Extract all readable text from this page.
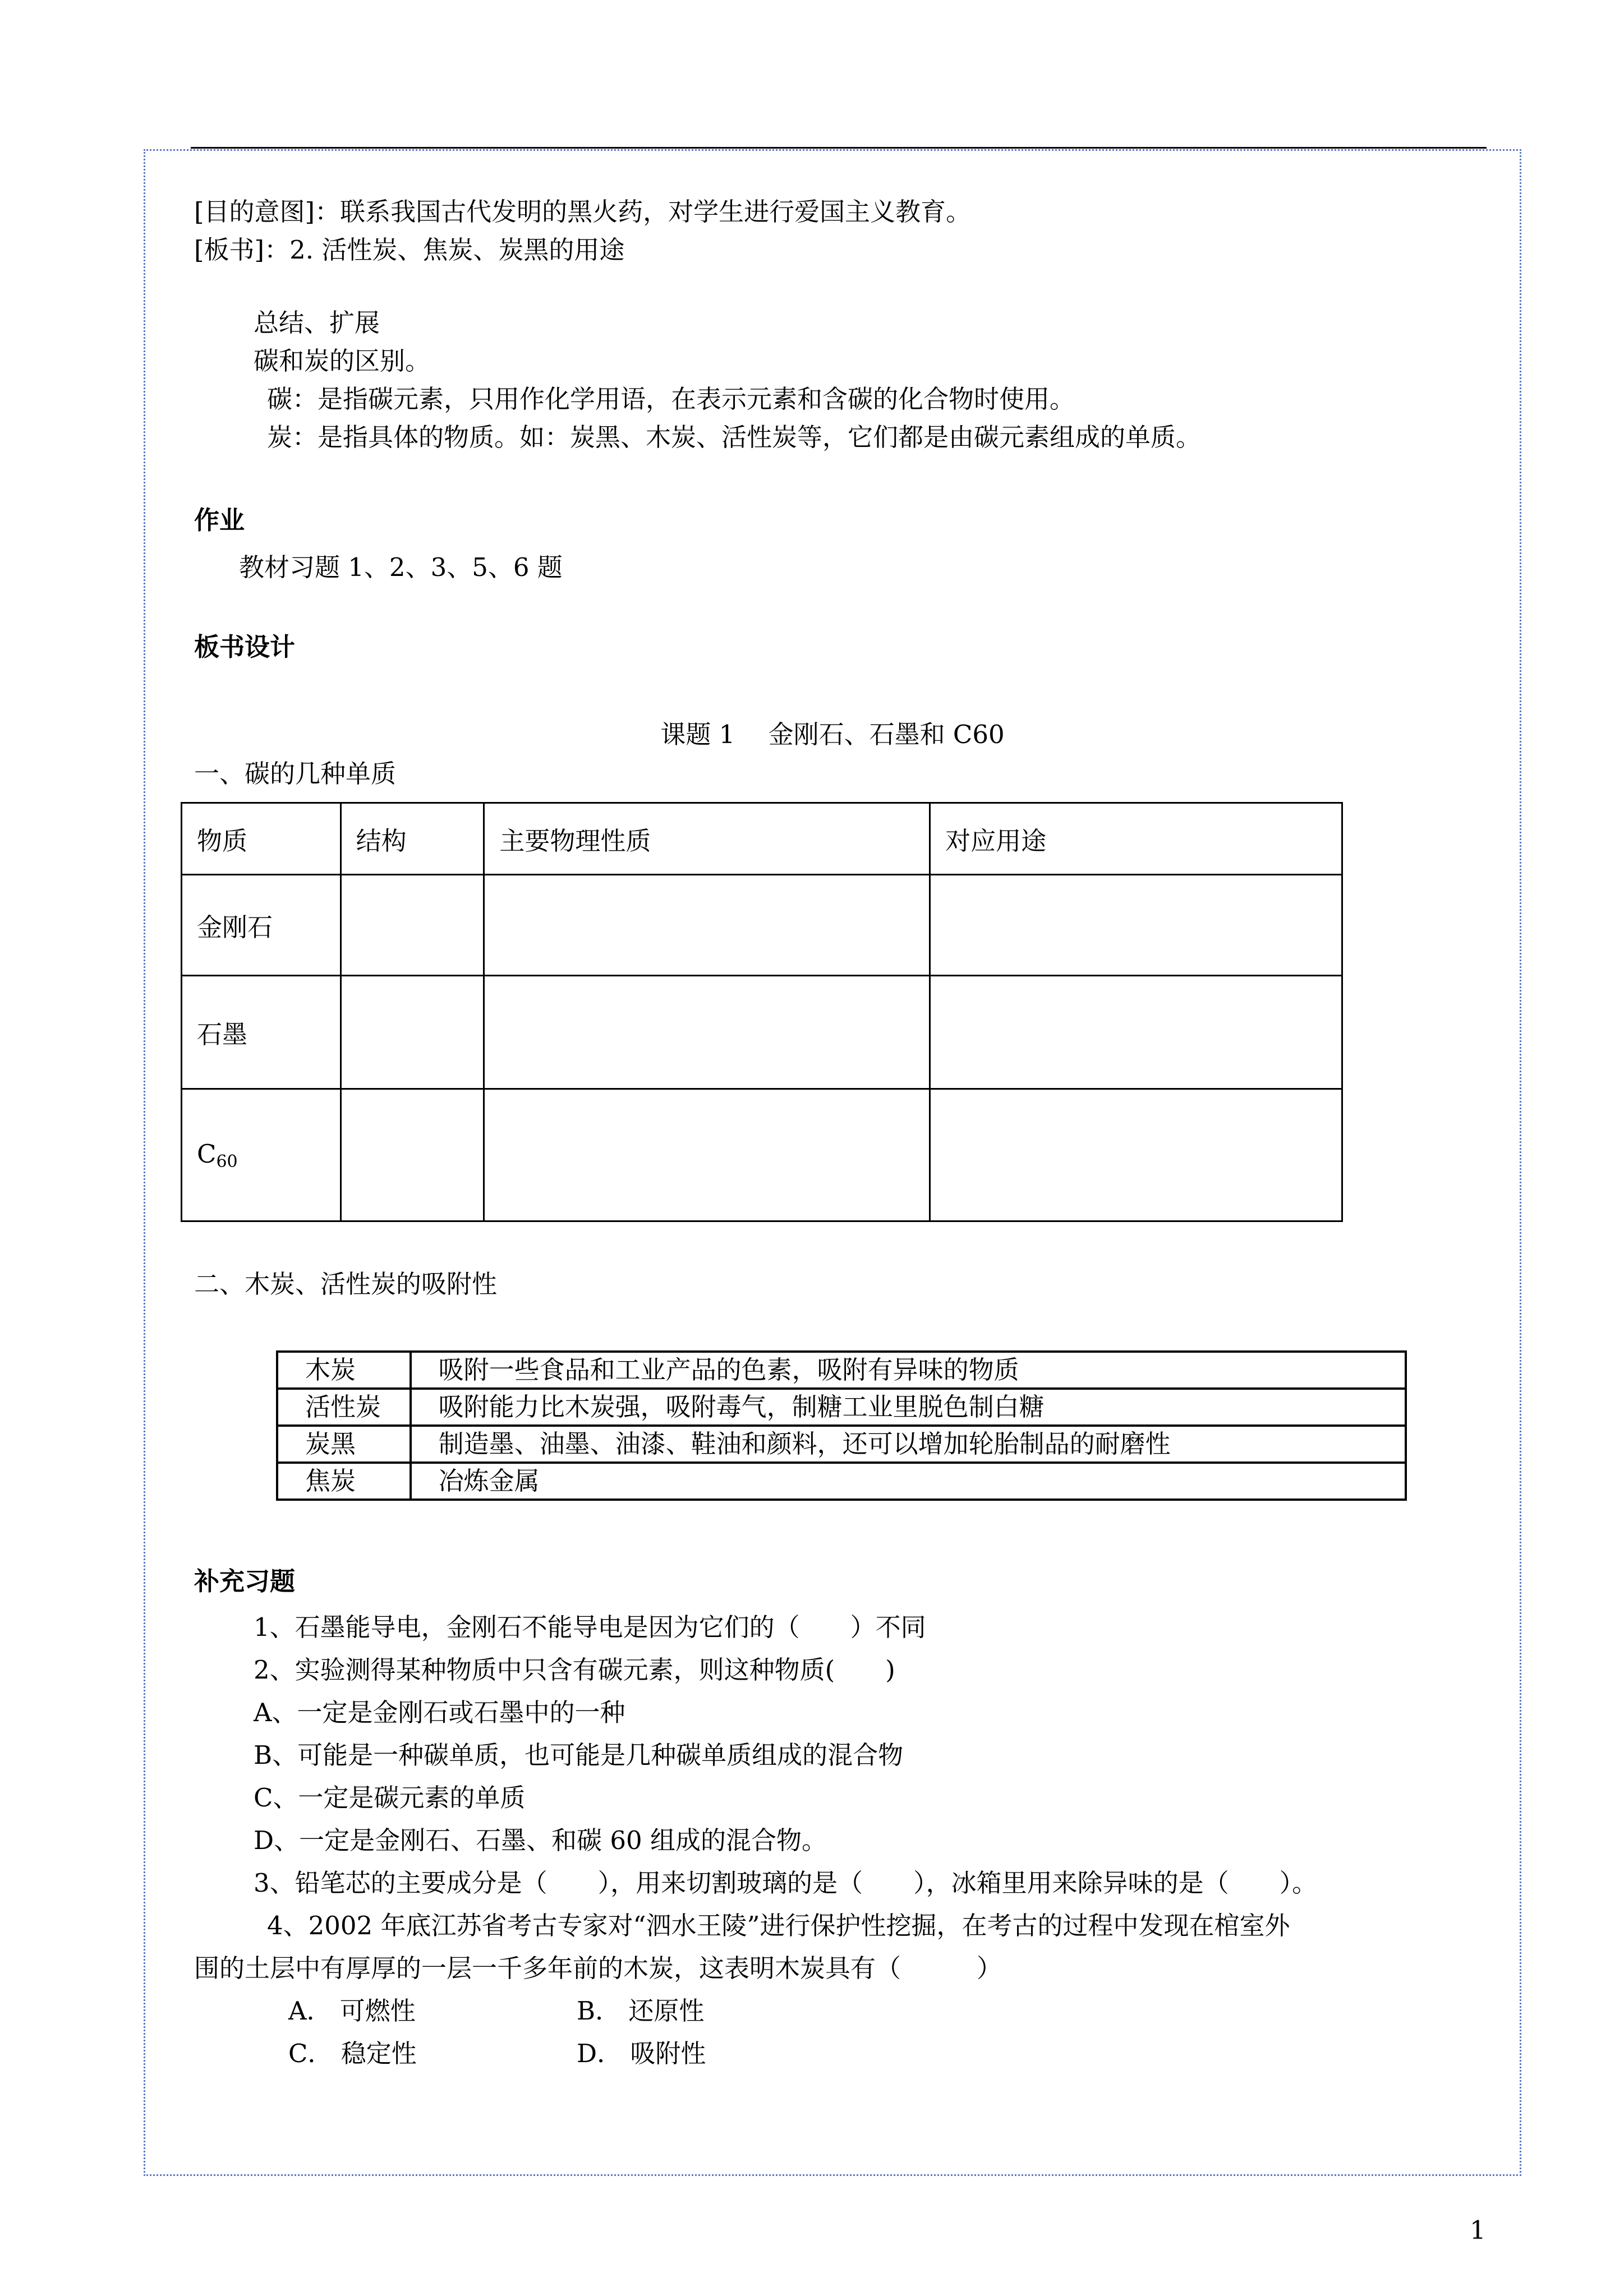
[目的意图]：联系我国古代发明的黑火药，对学生进行爱国主义教育。
[板书]：2. 活性炭、焦炭、炭黑的用途
总结、扩展
碳和炭的区别。
碳：是指碳元素，只用作化学用语，在表示元素和含碳的化合物时使用。
炭：是指具体的物质。如：炭黑、木炭、活性炭等，它们都是由碳元素组成的单质。
作业
教材习题 1、2、3、5、6 题
板书设计
课题 1　 金刚石、石墨和 C60
一、碳的几种单质
物质	结构	主要物理性质	对应用途
金刚石			
石墨			
$C_{60}$			
二、木炭、活性炭的吸附性
木炭	吸附一些食品和工业产品的色素，吸附有异味的物质
活性炭	吸附能力比木炭强，吸附毒气，制糖工业里脱色制白糖
炭黑	制造墨、油墨、油漆、鞋油和颜料，还可以增加轮胎制品的耐磨性
焦炭	冶炼金属
补充习题
1、石墨能导电，金刚石不能导电是因为它们的（　　）不同
2、实验测得某种物质中只含有碳元素，则这种物质(　　)
A、一定是金刚石或石墨中的一种
B、可能是一种碳单质，也可能是几种碳单质组成的混合物
C、一定是碳元素的单质
D、一定是金刚石、石墨、和碳 60 组成的混合物。
3、铅笔芯的主要成分是（　　），用来切割玻璃的是（　　），冰箱里用来除异味的是（　　）。
4、2002 年底江苏省考古专家对“泗水王陵”进行保护性挖掘，在考古的过程中发现在棺室外
围的土层中有厚厚的一层一千多年前的木炭，这表明木炭具有（　　　）
A． 可燃性	B． 还原性
C． 稳定性	D． 吸附性
1
